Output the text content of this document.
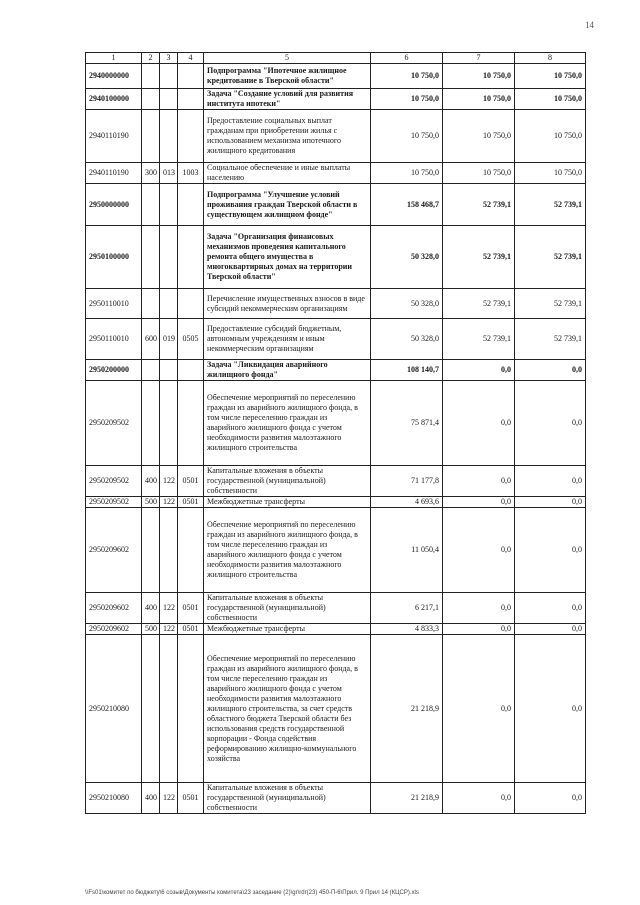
14
1	2	3	4	5	6	7	8
2940000000				Подпрограмма "Ипотечное жилищное кредитование в Тверской области"	10 750,0	10 750,0	10 750,0
2940100000				Задача "Создание условий для развития института ипотеки"	10 750,0	10 750,0	10 750,0
2940110190				Предоставление социальных выплат гражданам при приобретении жилья с использованием механизма ипотечного жилищного кредитования	10 750,0	10 750,0	10 750,0
2940110190	300	013	1003	Социальное обеспечение и иные выплаты населению	10 750,0	10 750,0	10 750,0
2950000000				Подпрограмма "Улучшение условий проживания граждан Тверской области в существующем жилищном фонде"	158 468,7	52 739,1	52 739,1
2950100000				Задача "Организация финансовых механизмов проведения капитального ремонта общего имущества в многоквартирных домах на территории Тверской области"	50 328,0	52 739,1	52 739,1
2950110010				Перечисление имущественных взносов в виде субсидий некоммерческим организациям	50 328,0	52 739,1	52 739,1
2950110010	600	019	0505	Предоставление субсидий бюджетным, автономным учреждениям и иным некоммерческим организациям	50 328,0	52 739,1	52 739,1
2950200000				Задача "Ликвидация аварийного жилищного фонда"	108 140,7	0,0	0,0
2950209502				Обеспечение мероприятий по переселению граждан из аварийного жилищного фонда, в том числе переселению граждан из аварийного жилищного фонда с учетом необходимости развития малоэтажного жилищного строительства	75 871,4	0,0	0,0
2950209502	400	122	0501	Капитальные вложения в объекты государственной (муниципальной) собственности	71 177,8	0,0	0,0
2950209502	500	122	0501	Межбюджетные трансферты	4 693,6	0,0	0,0
2950209602				Обеспечение мероприятий по переселению граждан из аварийного жилищного фонда, в том числе переселению граждан из аварийного жилищного фонда с учетом необходимости развития малоэтажного жилищного строительства	11 050,4	0,0	0,0
2950209602	400	122	0501	Капитальные вложения в объекты государственной (муниципальной) собственности	6 217,1	0,0	0,0
2950209602	500	122	0501	Межбюджетные трансферты	4 833,3	0,0	0,0
2950210080				Обеспечение мероприятий по переселению граждан из аварийного жилищного фонда, в том числе переселению граждан из аварийного жилищного фонда с учетом необходимости развития малоэтажного жилищного строительства, за счет средств областного бюджета Тверской области без использования средств государственной корпорации - Фонда содействия реформированию жилищно-коммунального хозяйства	21 218,9	0,0	0,0
2950210080	400	122	0501	Капитальные вложения в объекты государственной (муниципальной) собственности	21 218,9	0,0	0,0
\\Fs01\комитет по бюджету\6 созыв\Документы комитета\23 заседание (2)\gr\rdr(23) 450-П-6\Прил. 9 Прил 14 (КЦСР).xls
